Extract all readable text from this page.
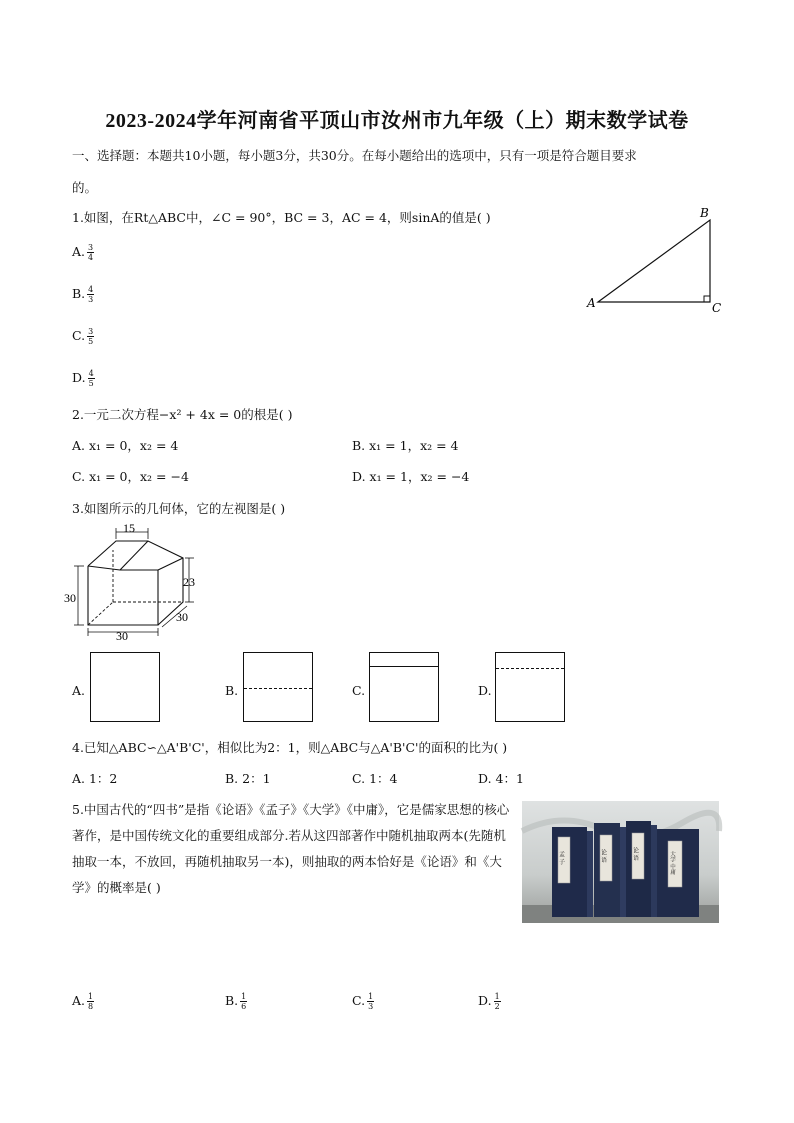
2023-2024学年河南省平顶山市汝州市九年级（上）期末数学试卷
一、选择题：本题共10小题，每小题3分，共30分。在每小题给出的选项中，只有一项是符合题目要求
的。
1.如图，在Rt△ABC中，∠C = 90°，BC = 3，AC = 4，则sinA的值是( )
A. $\frac{3}{4}$
B. $\frac{4}{3}$
C. $\frac{3}{5}$
D. $\frac{4}{5}$
B
A	C
2.一元二次方程−x² + 4x = 0的根是( )
A. x₁ = 0，x₂ = 4	B. x₁ = 1，x₂ = 4
C. x₁ = 0，x₂ = −4	D. x₁ = 1，x₂ = −4
3.如图所示的几何体，它的左视图是( )
15
30
23
30
30
A.	B.	C.	D.
4.已知△ABC∽△A'B'C'，相似比为2：1，则△ABC与△A'B'C'的面积的比为( )
A. 1：2	B. 2：1	C. 1：4	D. 4：1
5.中国古代的“四书”是指《论语》《孟子》《大学》《中庸》，它是儒家思想的核心著作，是中国传统文化的重要组成部分.若从这四部著作中随机抽取两本(先随机抽取一本，不放回，再随机抽取另一本)，则抽取的两本恰好是《论语》和《大学》的概率是( )
孟 子	论 语	论 语	大学 中庸
A. $\frac{1}{8}$	B. $\frac{1}{6}$	C. $\frac{1}{3}$	D. $\frac{1}{2}$
